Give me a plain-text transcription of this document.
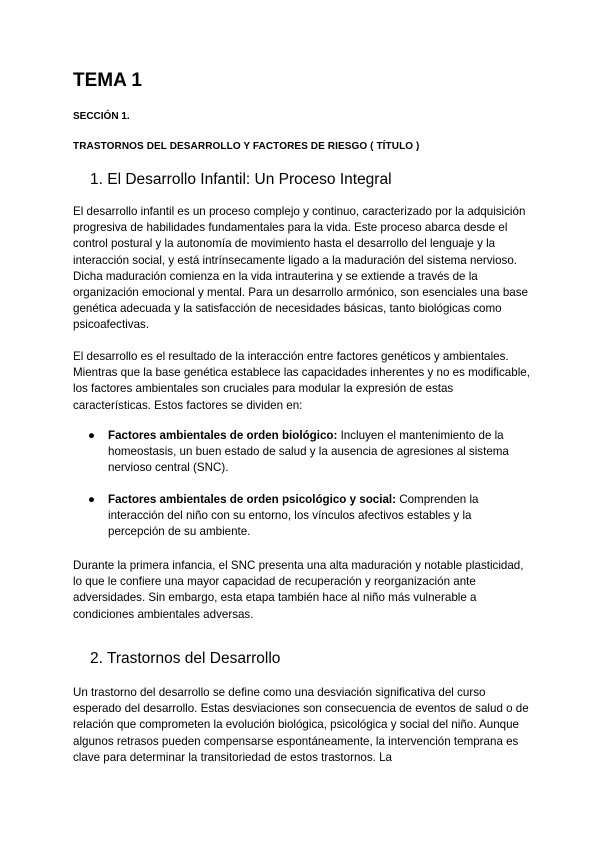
TEMA 1

SECCIÓN 1.

TRASTORNOS DEL DESARROLLO Y FACTORES DE RIESGO ( TÍTULO )

1. El Desarrollo Infantil: Un Proceso Integral

El desarrollo infantil es un proceso complejo y continuo, caracterizado por la adquisición progresiva de habilidades fundamentales para la vida. Este proceso abarca desde el control postural y la autonomía de movimiento hasta el desarrollo del lenguaje y la interacción social, y está intrínsecamente ligado a la maduración del sistema nervioso. Dicha maduración comienza en la vida intrauterina y se extiende a través de la organización emocional y mental. Para un desarrollo armónico, son esenciales una base genética adecuada y la satisfacción de necesidades básicas, tanto biológicas como psicoafectivas.

El desarrollo es el resultado de la interacción entre factores genéticos y ambientales. Mientras que la base genética establece las capacidades inherentes y no es modificable, los factores ambientales son cruciales para modular la expresión de estas características. Estos factores se dividen en:

● Factores ambientales de orden biológico: Incluyen el mantenimiento de la homeostasis, un buen estado de salud y la ausencia de agresiones al sistema nervioso central (SNC).

● Factores ambientales de orden psicológico y social: Comprenden la interacción del niño con su entorno, los vínculos afectivos estables y la percepción de su ambiente.

Durante la primera infancia, el SNC presenta una alta maduración y notable plasticidad, lo que le confiere una mayor capacidad de recuperación y reorganización ante adversidades. Sin embargo, esta etapa también hace al niño más vulnerable a condiciones ambientales adversas.

2. Trastornos del Desarrollo

Un trastorno del desarrollo se define como una desviación significativa del curso esperado del desarrollo. Estas desviaciones son consecuencia de eventos de salud o de relación que comprometen la evolución biológica, psicológica y social del niño. Aunque algunos retrasos pueden compensarse espontáneamente, la intervención temprana es clave para determinar la transitoriedad de estos trastornos. La
